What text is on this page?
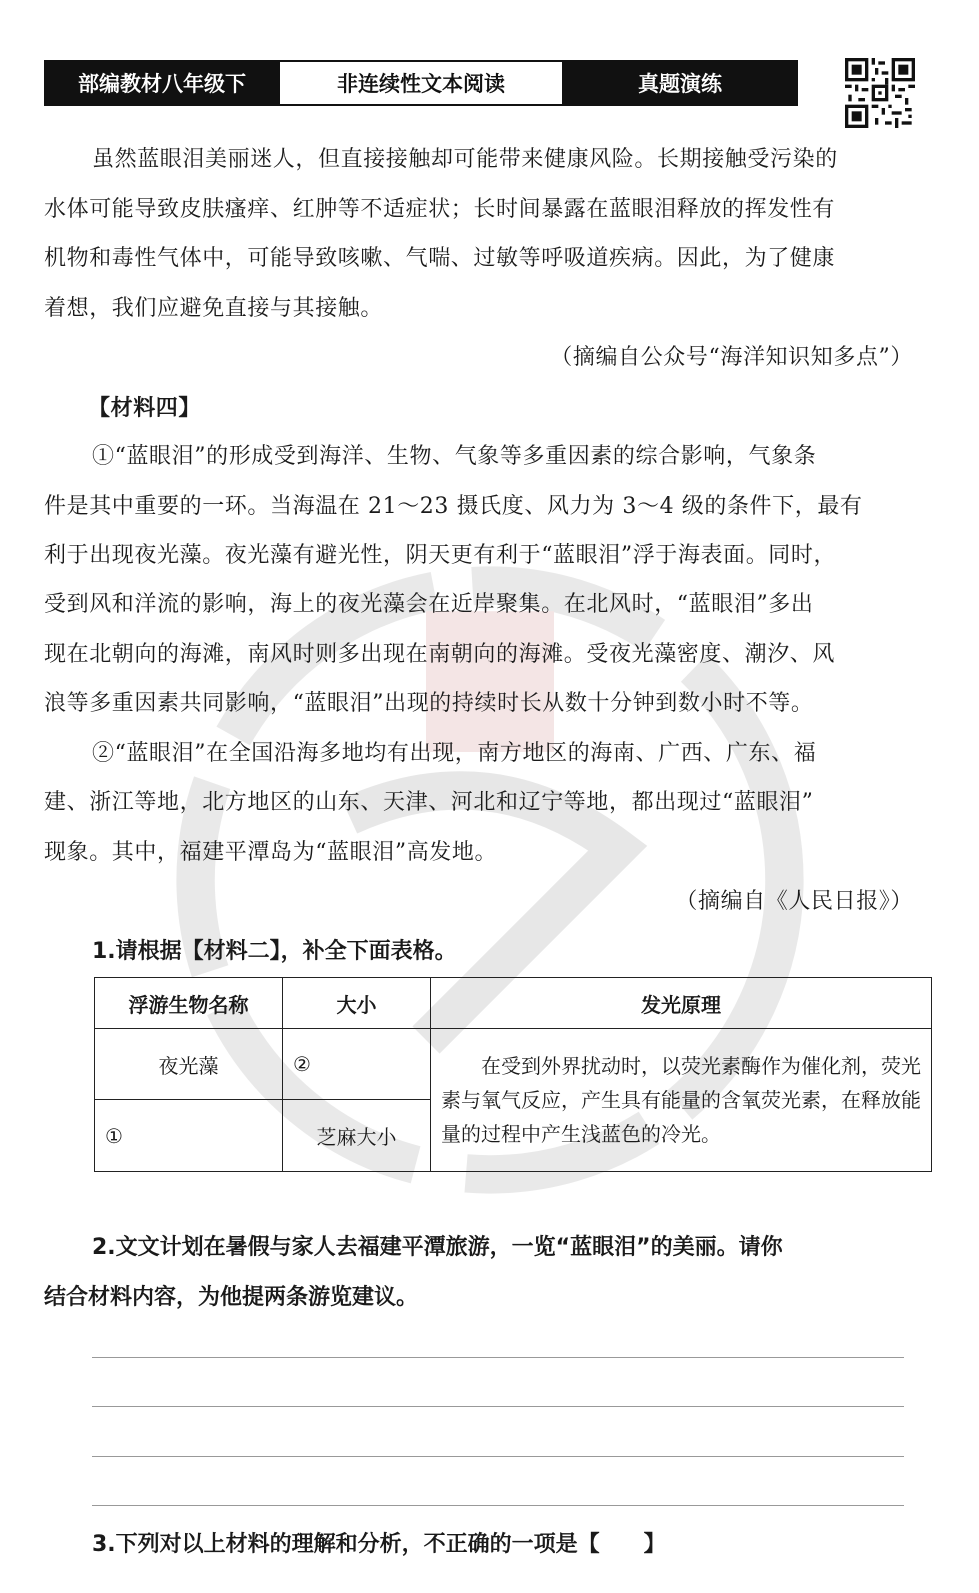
部编教材八年级下	非连续性文本阅读	真题演练
虽然蓝眼泪美丽迷人，但直接接触却可能带来健康风险。长期接触受污染的
水体可能导致皮肤瘙痒、红肿等不适症状；长时间暴露在蓝眼泪释放的挥发性有
机物和毒性气体中，可能导致咳嗽、气喘、过敏等呼吸道疾病。因此，为了健康
着想，我们应避免直接与其接触。
（摘编自公众号“海洋知识知多点”）
【材料四】
①“蓝眼泪”的形成受到海洋、生物、气象等多重因素的综合影响，气象条
件是其中重要的一环。当海温在 21～23 摄氏度、风力为 3～4 级的条件下，最有
利于出现夜光藻。夜光藻有避光性，阴天更有利于“蓝眼泪”浮于海表面。同时，
受到风和洋流的影响，海上的夜光藻会在近岸聚集。在北风时，“蓝眼泪”多出
现在北朝向的海滩，南风时则多出现在南朝向的海滩。受夜光藻密度、潮汐、风
浪等多重因素共同影响，“蓝眼泪”出现的持续时长从数十分钟到数小时不等。
②“蓝眼泪”在全国沿海多地均有出现，南方地区的海南、广西、广东、福
建、浙江等地，北方地区的山东、天津、河北和辽宁等地，都出现过“蓝眼泪”
现象。其中，福建平潭岛为“蓝眼泪”高发地。
（摘编自《人民日报》）
1.请根据【材料二】，补全下面表格。
浮游生物名称	大小	发光原理
夜光藻	②	在受到外界扰动时，以荧光素酶作为催化剂，荧光素与氧气反应，产生具有能量的含氧荧光素，在释放能量的过程中产生浅蓝色的冷光。
①	芝麻大小	
2.文文计划在暑假与家人去福建平潭旅游，一览“蓝眼泪”的美丽。请你
结合材料内容，为他提两条游览建议。
3.下列对以上材料的理解和分析，不正确的一项是【　　】
